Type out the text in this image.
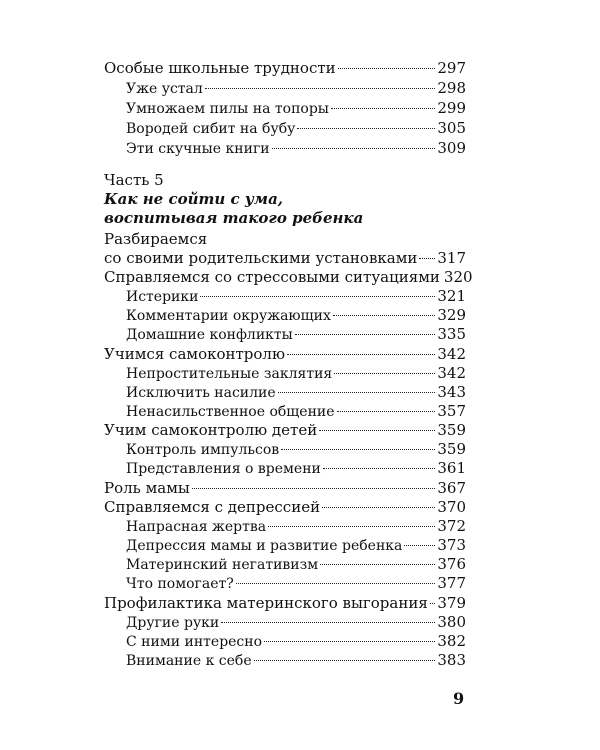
Особые школьные трудности	297
Уже устал	298
Умножаем пилы на топоры	299
Вородей сибит на бубу	305
Эти скучные книги	309
Часть 5
Как не сойти с ума,
воспитывая такого ребенка
Разбираемся
со своими родительскими установками 317
Справляемся со стрессовыми ситуациями 320
Истерики	321
Комментарии окружающих	329
Домашние конфликты	335
Учимся самоконтролю	342
Непростительные заклятия	342
Исключить насилие	343
Ненасильственное общение	357
Учим самоконтролю детей	359
Контроль импульсов	359
Представления о времени	361
Роль мамы	367
Справляемся с депрессией	370
Напрасная жертва	372
Депрессия мамы и развитие ребенка 373
Материнский негативизм	376
Что помогает?	377
Профилактика материнского выгорания 379
Другие руки	380
С ними интересно	382
Внимание к себе	383
9
